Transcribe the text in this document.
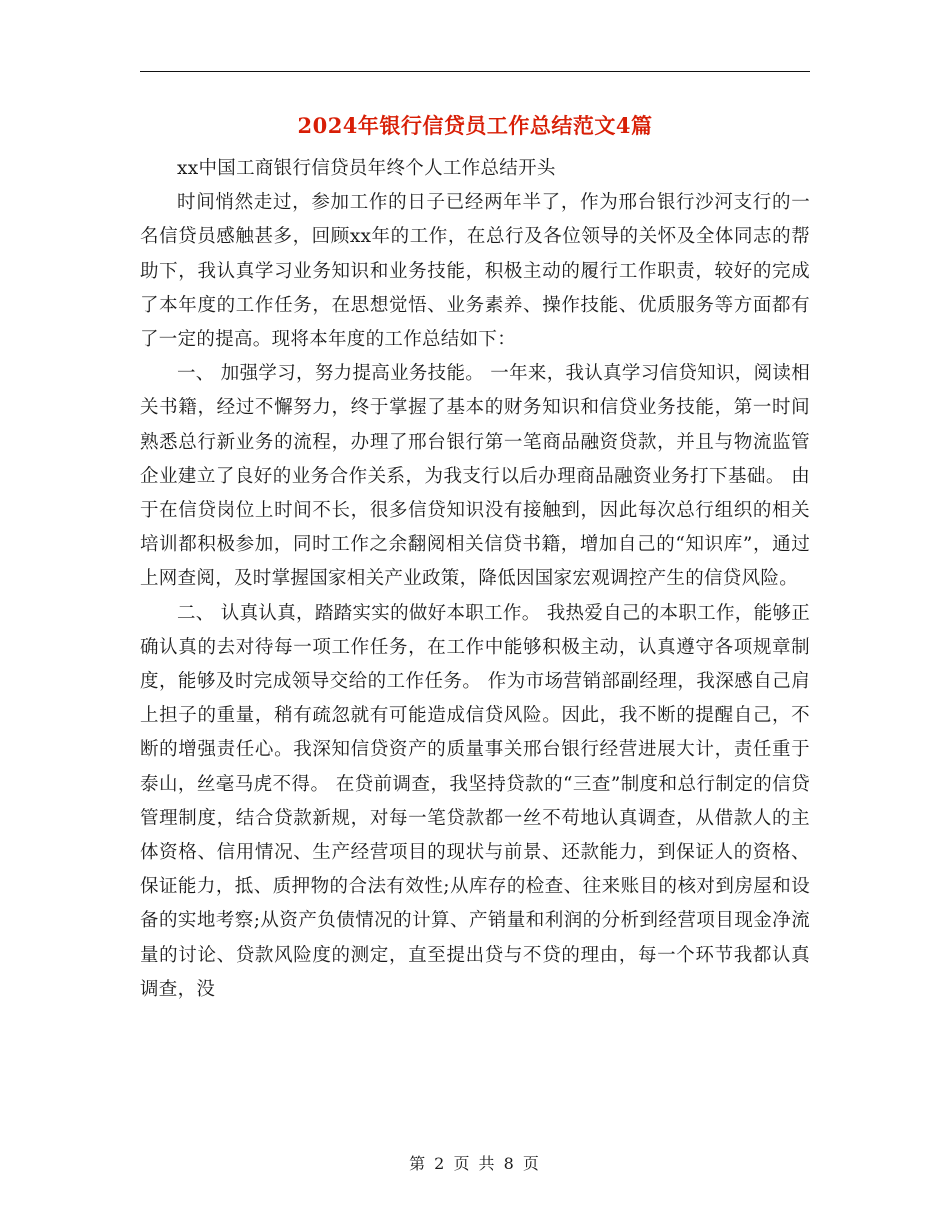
2024年银行信贷员工作总结范文4篇

xx中国工商银行信贷员年终个人工作总结开头

时间悄然走过，参加工作的日子已经两年半了，作为邢台银行沙河支行的一名信贷员感触甚多，回顾xx年的工作，在总行及各位领导的关怀及全体同志的帮助下，我认真学习业务知识和业务技能，积极主动的履行工作职责，较好的完成了本年度的工作任务，在思想觉悟、业务素养、操作技能、优质服务等方面都有了一定的提高。现将本年度的工作总结如下：

一、 加强学习，努力提高业务技能。 一年来，我认真学习信贷知识，阅读相关书籍，经过不懈努力，终于掌握了基本的财务知识和信贷业务技能，第一时间熟悉总行新业务的流程，办理了邢台银行第一笔商品融资贷款，并且与物流监管企业建立了良好的业务合作关系，为我支行以后办理商品融资业务打下基础。 由于在信贷岗位上时间不长，很多信贷知识没有接触到，因此每次总行组织的相关培训都积极参加，同时工作之余翻阅相关信贷书籍，增加自己的“知识库”，通过上网查阅，及时掌握国家相关产业政策，降低因国家宏观调控产生的信贷风险。

二、 认真认真，踏踏实实的做好本职工作。 我热爱自己的本职工作，能够正确认真的去对待每一项工作任务，在工作中能够积极主动，认真遵守各项规章制度，能够及时完成领导交给的工作任务。 作为市场营销部副经理，我深感自己肩上担子的重量，稍有疏忽就有可能造成信贷风险。因此，我不断的提醒自己，不断的增强责任心。我深知信贷资产的质量事关邢台银行经营进展大计，责任重于泰山，丝毫马虎不得。 在贷前调查，我坚持贷款的“三查”制度和总行制定的信贷管理制度，结合贷款新规，对每一笔贷款都一丝不苟地认真调查，从借款人的主体资格、信用情况、生产经营项目的现状与前景、还款能力，到保证人的资格、保证能力，抵、质押物的合法有效性;从库存的检查、往来账目的核对到房屋和设备的实地考察;从资产负债情况的计算、产销量和利润的分析到经营项目现金净流量的讨论、贷款风险度的测定，直至提出贷与不贷的理由，每一个环节我都认真调查，没

第 2 页 共 8 页
